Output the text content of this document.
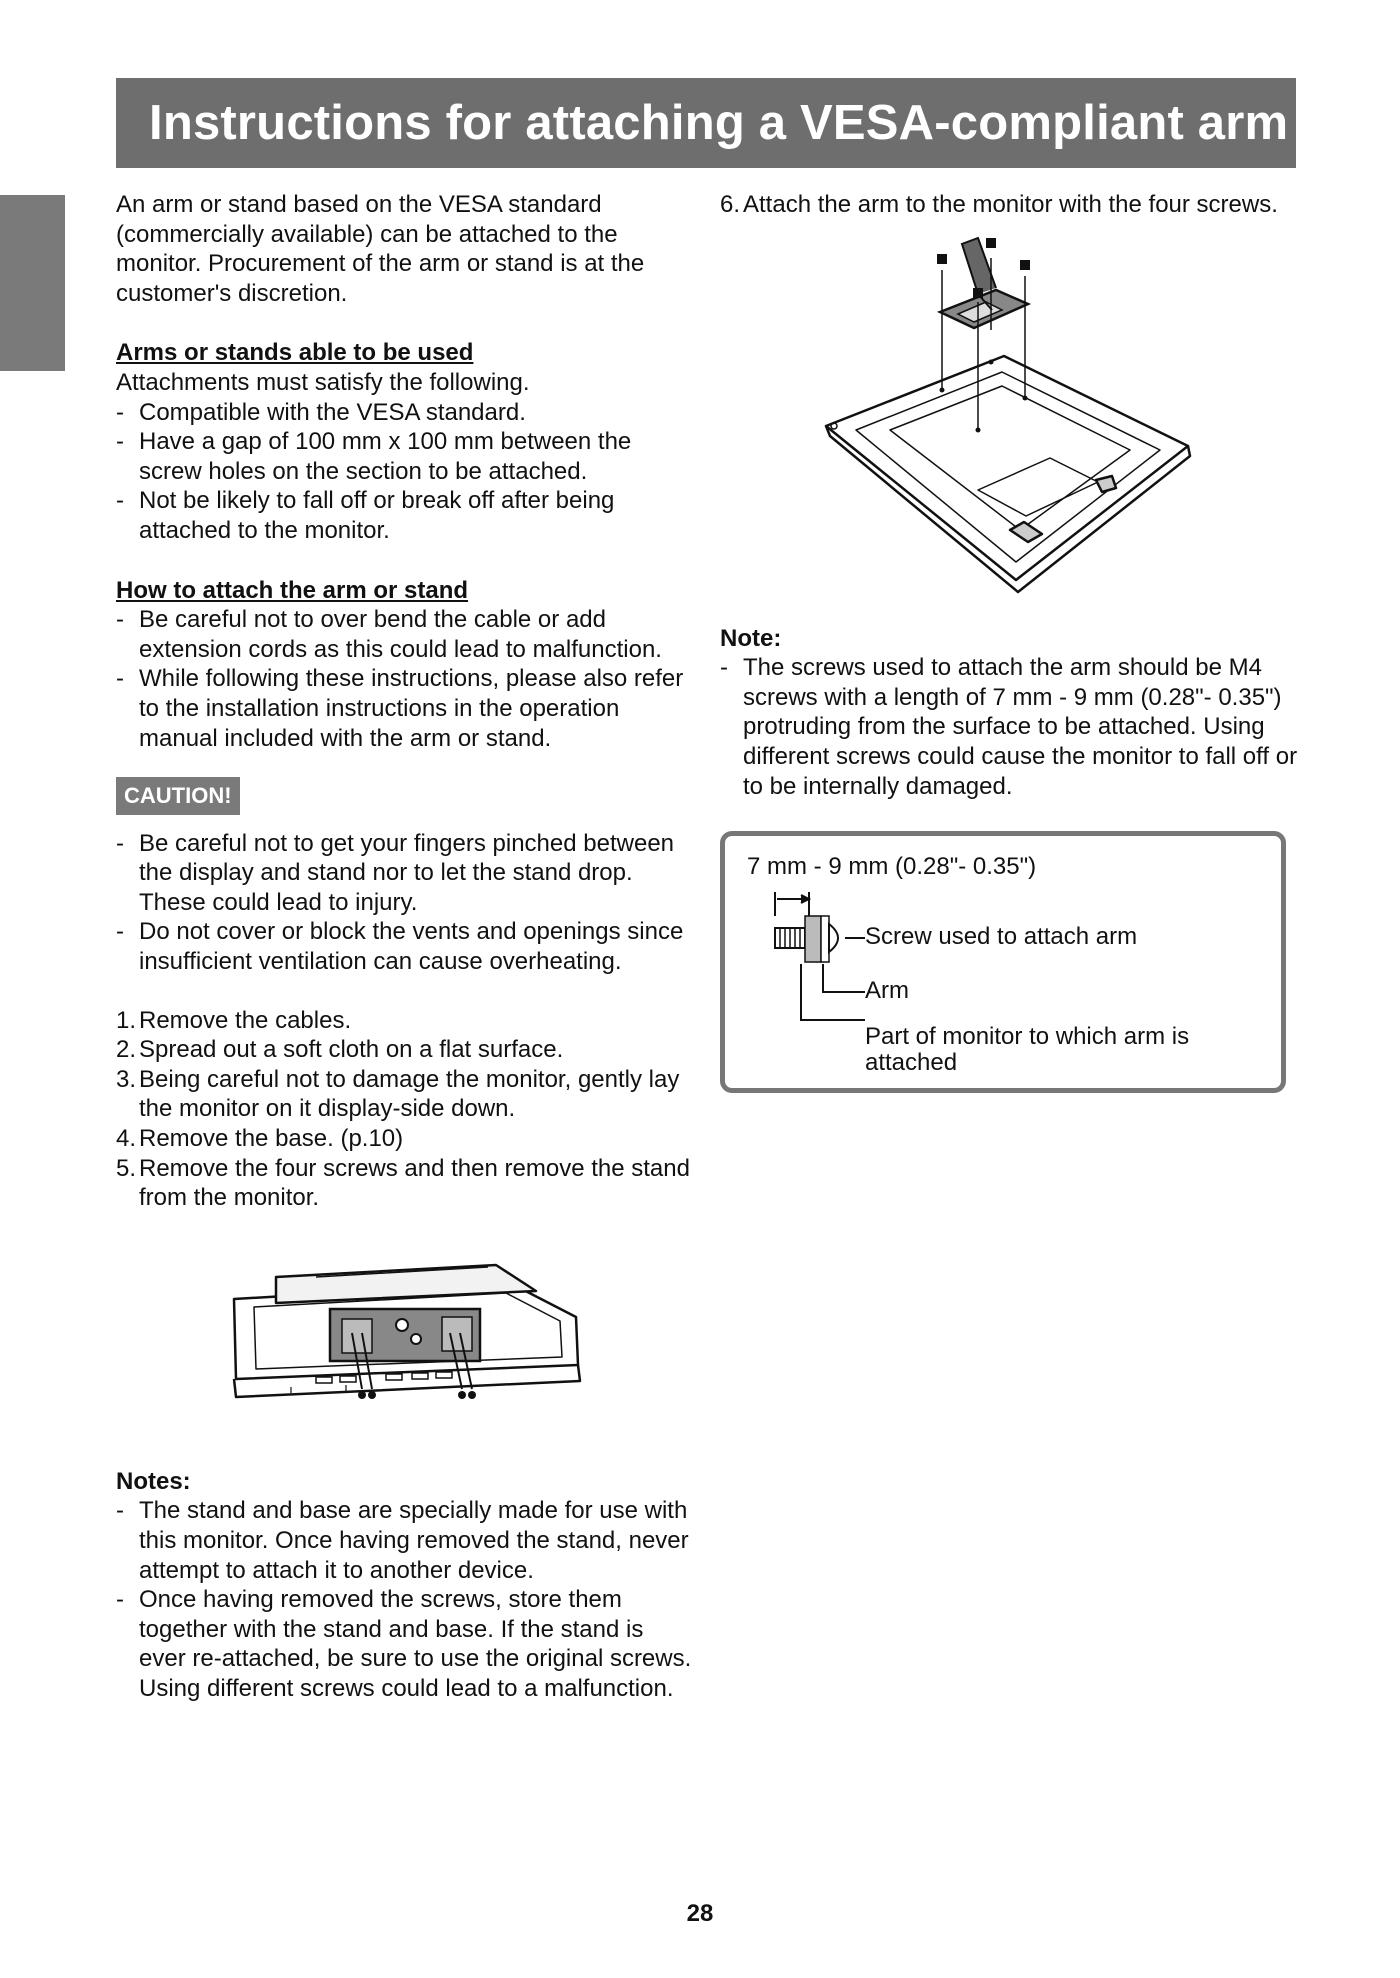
Instructions for attaching a VESA-compliant arm

An arm or stand based on the VESA standard (commercially available) can be attached to the monitor. Procurement of the arm or stand is at the customer's discretion.

Arms or stands able to be used

Attachments must satisfy the following.

- Compatible with the VESA standard.
- Have a gap of 100 mm x 100 mm between the screw holes on the section to be attached.
- Not be likely to fall off or break off after being attached to the monitor.

How to attach the arm or stand

- Be careful not to over bend the cable or add extension cords as this could lead to malfunction.
- While following these instructions, please also refer to the installation instructions in the operation manual included with the arm or stand.
CAUTION!
- Be careful not to get your fingers pinched between the display and stand nor to let the stand drop. These could lead to injury.
- Do not cover or block the vents and openings since insufficient ventilation can cause overheating.
1. Remove the cables.
2. Spread out a soft cloth on a flat surface.
3. Being careful not to damage the monitor, gently lay the monitor on it display-side down.
4. Remove the base. (p.10)
5. Remove the four screws and then remove the stand from the monitor.

Notes:

- The stand and base are specially made for use with this monitor. Once having removed the stand, never attempt to attach it to another device.
- Once having removed the screws, store them together with the stand and base. If the stand is ever re-attached, be sure to use the original screws. Using different screws could lead to a malfunction.
6. Attach the arm to the monitor with the four screws.

Note:

- The screws used to attach the arm should be M4 screws with a length of 7 mm - 9 mm (0.28"- 0.35") protruding from the surface to be attached. Using different screws could cause the monitor to fall off or to be internally damaged.
7 mm - 9 mm (0.28"- 0.35")
Screw used to attach arm
Arm
Part of monitor to which arm is attached
28
